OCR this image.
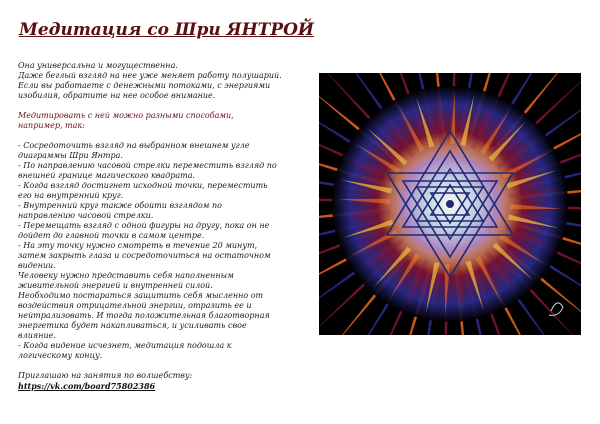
Медитация со Шри ЯНТРОЙ

Она универсальна и могущественна.

Даже беглый взгляд на нее уже меняет работу полушарий.

Если вы работаете с денежными потоками, с энергиями

изобилия, обратите на нее особое внимание.

Медитировать с ней можно разными способами,

например, так:

- Сосредоточить взгляд на выбранном внешнем угле

диаграммы Шри Янтра.

- По направлению часовой стрелки переместить взгляд по

внешней границе магического квадрата.

- Когда взгляд достигнет исходной точки, переместить

его на внутренний круг.

- Внутренний круг также обойти взглядом по

направлению часовой стрелки.

- Перемещать взгляд с одной фигуры на другу, пока он не

дойдет до главной точки в самом центре.

- На эту точку нужно смотреть в течение 20 минут,

затем закрыть глаза и сосредоточиться на остаточном

видении.

Человеку нужно представить себя наполненным

живительной энергией и внутренней силой.

Необходимо постараться защитить себя мысленно от

воздействия отрицательной энергии, отразить ее и

нейтрализовать. И тогда положительная благотворная

энергетика будет накапливаться, и усиливать свое

влияние.

- Когда видение исчезнет, медитация подошла к

логическому концу.

Приглашаю на занятия по волшебству:

https://vk.com/board75802386
